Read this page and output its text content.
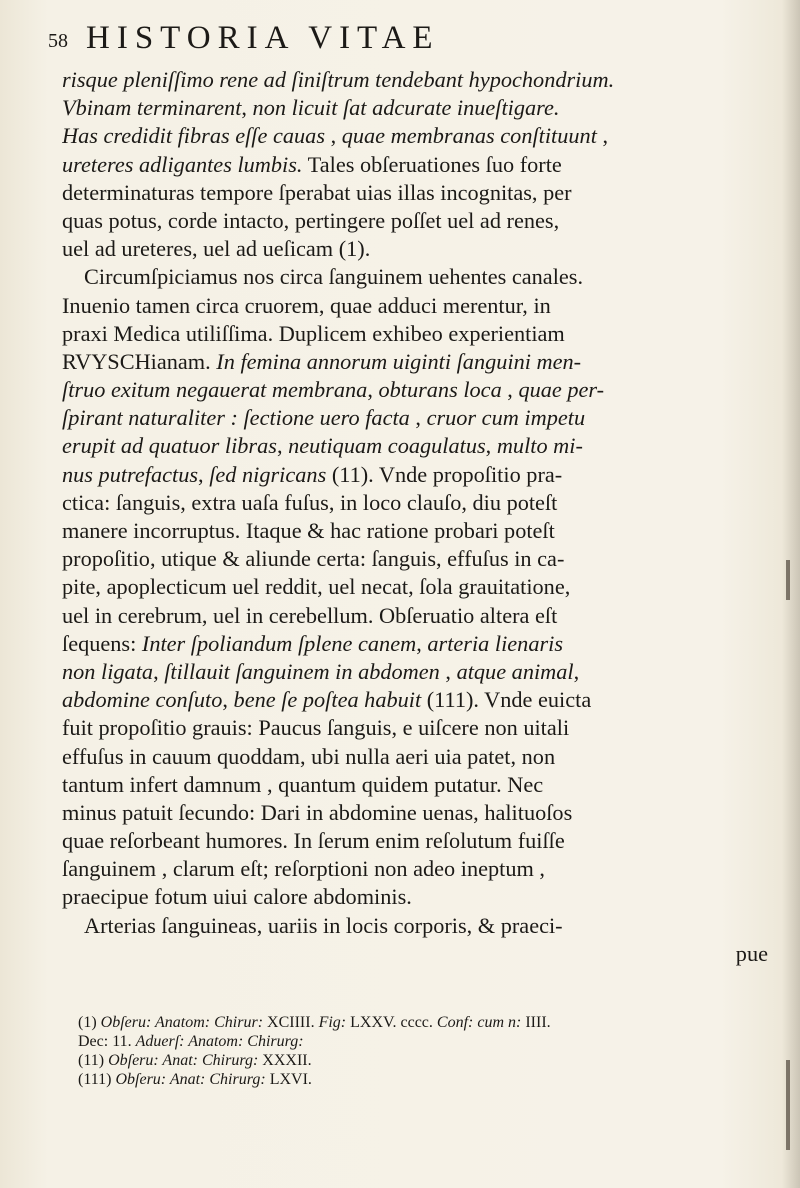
58 HISTORIA VITAE
risque pleniſſimo rene ad ſiniſtrum tendebant hypochondrium.
Vbinam terminarent, non licuit ſat adcurate inueſtigare.
Has credidit fibras eſſe cauas , quae membranas conſtituunt ,
ureteres adligantes lumbis. Tales obſeruationes ſuo forte
determinaturas tempore ſperabat uias illas incognitas, per
quas potus, corde intacto, pertingere poſſet uel ad renes,
uel ad ureteres, uel ad ueſicam (1).
Circumſpiciamus nos circa ſanguinem uehentes canales.
Inuenio tamen circa cruorem, quae adduci merentur, in
praxi Medica utiliſſima. Duplicem exhibeo experientiam
RVYSCHianam. In femina annorum uiginti ſanguini men-
ſtruo exitum negauerat membrana, obturans loca , quae per-
ſpirant naturaliter : ſectione uero facta , cruor cum impetu
erupit ad quatuor libras, neutiquam coagulatus, multo mi-
nus putrefactus, ſed nigricans (11). Vnde propoſitio pra-
ctica: ſanguis, extra uaſa fuſus, in loco clauſo, diu poteſt
manere incorruptus. Itaque & hac ratione probari poteſt
propoſitio, utique & aliunde certa: ſanguis, effuſus in ca-
pite, apoplecticum uel reddit, uel necat, ſola grauitatione,
uel in cerebrum, uel in cerebellum. Obſeruatio altera eſt
ſequens: Inter ſpoliandum ſplene canem, arteria lienaris
non ligata, ſtillauit ſanguinem in abdomen , atque animal,
abdomine conſuto, bene ſe poſtea habuit (111). Vnde euicta
fuit propoſitio grauis: Paucus ſanguis, e uiſcere non uitali
effuſus in cauum quoddam, ubi nulla aeri uia patet, non
tantum infert damnum , quantum quidem putatur. Nec
minus patuit ſecundo: Dari in abdomine uenas, halituoſos
quae reſorbeant humores. In ſerum enim reſolutum fuiſſe
ſanguinem , clarum eſt; reſorptioni non adeo ineptum ,
praecipue fotum uiui calore abdominis.
Arterias ſanguineas, uariis in locis corporis, & praeci-
pue
(1) Obſeru: Anatom: Chirur: XCIIII. Fig: LXXV. cccc. Conf: cum n: IIII.
Dec: 11. Aduerſ: Anatom: Chirurg:
(11) Obſeru: Anat: Chirurg: XXXII.
(111) Obſeru: Anat: Chirurg: LXVI.
